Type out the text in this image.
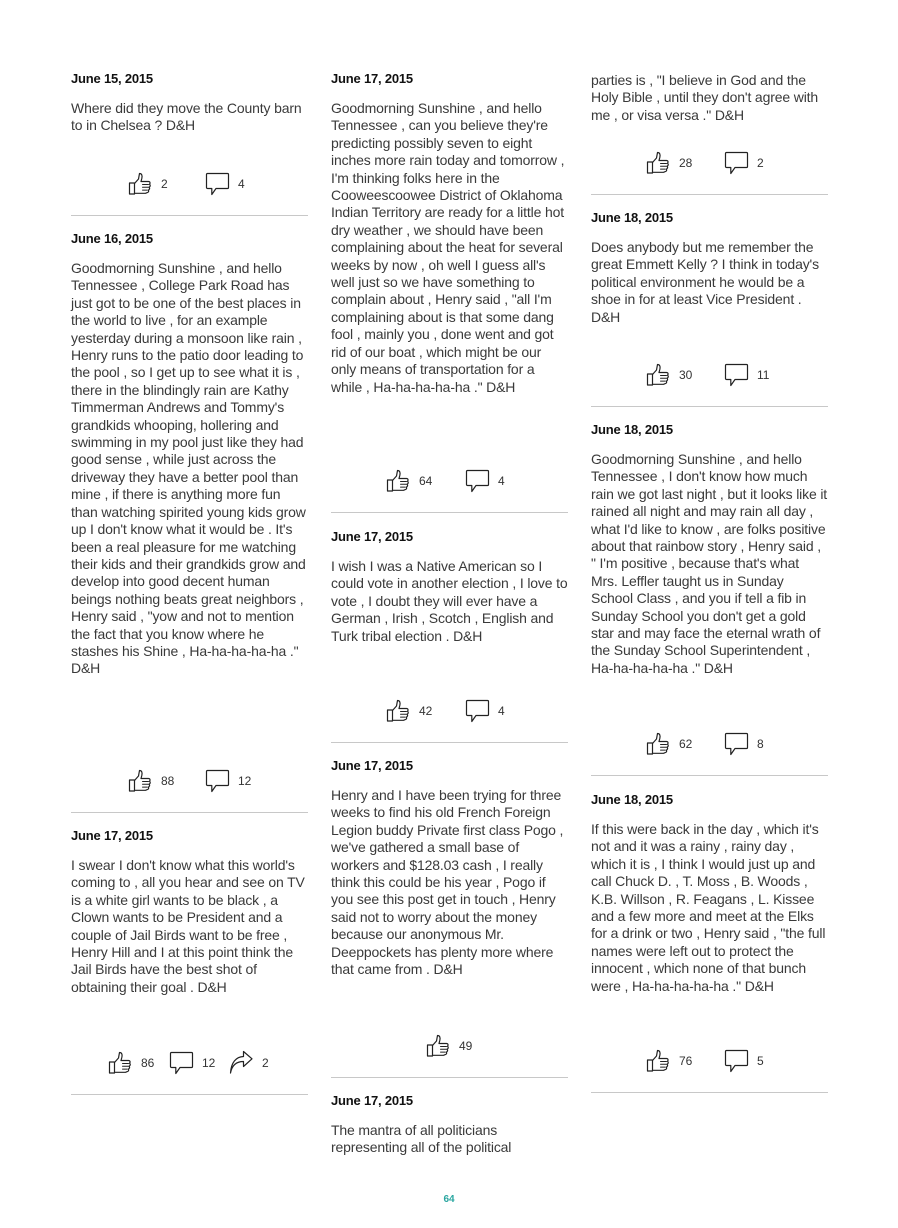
June 15, 2015
Where did they move the County barn to in Chelsea ? D&H
2	4
June 16, 2015
Goodmorning Sunshine , and hello Tennessee , College Park Road has just got to be one of the best places in the world to live , for an example yesterday during a monsoon like rain , Henry runs to the patio door leading to the pool , so I get up to see what it is , there in the blindingly rain are Kathy Timmerman Andrews and Tommy's grandkids whooping, hollering and swimming in my pool just like they had good sense , while just across the driveway they have a better pool than mine , if there is anything more fun than watching spirited young kids grow up I don't know what it would be . It's been a real pleasure for me watching their kids and their grandkids grow and develop into good decent human beings nothing beats great neighbors , Henry said , "yow and not to mention the fact that you know where he stashes his Shine , Ha-ha-ha-ha-ha ." D&H
88	12
June 17, 2015
I swear I don't know what this world's coming to , all you hear and see on TV is a white girl wants to be black , a Clown wants to be President and a couple of Jail Birds want to be free , Henry Hill and I at this point think the Jail Birds have the best shot of obtaining their goal . D&H
86	12	2
June 17, 2015
Goodmorning Sunshine , and hello Tennessee , can you believe they're predicting possibly seven to eight inches more rain today and tomorrow , I'm thinking folks here in the Cooweescoowee District of Oklahoma Indian Territory are ready for a little hot dry weather , we should have been complaining about the heat for several weeks by now , oh well I guess all's well just so we have something to complain about , Henry said , "all I'm complaining about is that some dang fool , mainly you , done went and got rid of our boat , which might be our only means of transportation for a while , Ha-ha-ha-ha-ha ." D&H
64	4
June 17, 2015
I wish I was a Native American so I could vote in another election , I love to vote , I doubt they will ever have a German , Irish , Scotch , English and Turk tribal election . D&H
42	4
June 17, 2015
Henry and I have been trying for three weeks to find his old French Foreign Legion buddy Private first class Pogo , we've gathered a small base of workers and $128.03 cash , I really think this could be his year , Pogo if you see this post get in touch , Henry said not to worry about the money because our anonymous Mr. Deeppockets has plenty more where that came from . D&H
49
June 17, 2015
The mantra of all politicians representing all of the political
parties is , "I believe in God and the Holy Bible , until they don't agree with me , or visa versa ." D&H
28	2
June 18, 2015
Does anybody but me remember the great Emmett Kelly ? I think in today's political environment he would be a shoe in for at least Vice President . D&H
30	11
June 18, 2015
Goodmorning Sunshine , and hello Tennessee , I don't know how much rain we got last night , but it looks like it rained all night and may rain all day , what I'd like to know , are folks positive about that rainbow story , Henry said , " I'm positive , because that's what Mrs. Leffler taught us in Sunday School Class , and you if tell a fib in Sunday School you don't get a gold star and may face the eternal wrath of the Sunday School Superintendent , Ha-ha-ha-ha-ha ." D&H
62	8
June 18, 2015
If this were back in the day , which it's not and it was a rainy , rainy day , which it is , I think I would just up and call Chuck D. , T. Moss , B. Woods , K.B. Willson , R. Feagans , L. Kissee and a few more and meet at the Elks for a drink or two , Henry said , "the full names were left out to protect the innocent , which none of that bunch were , Ha-ha-ha-ha-ha ." D&H
76	5
64
